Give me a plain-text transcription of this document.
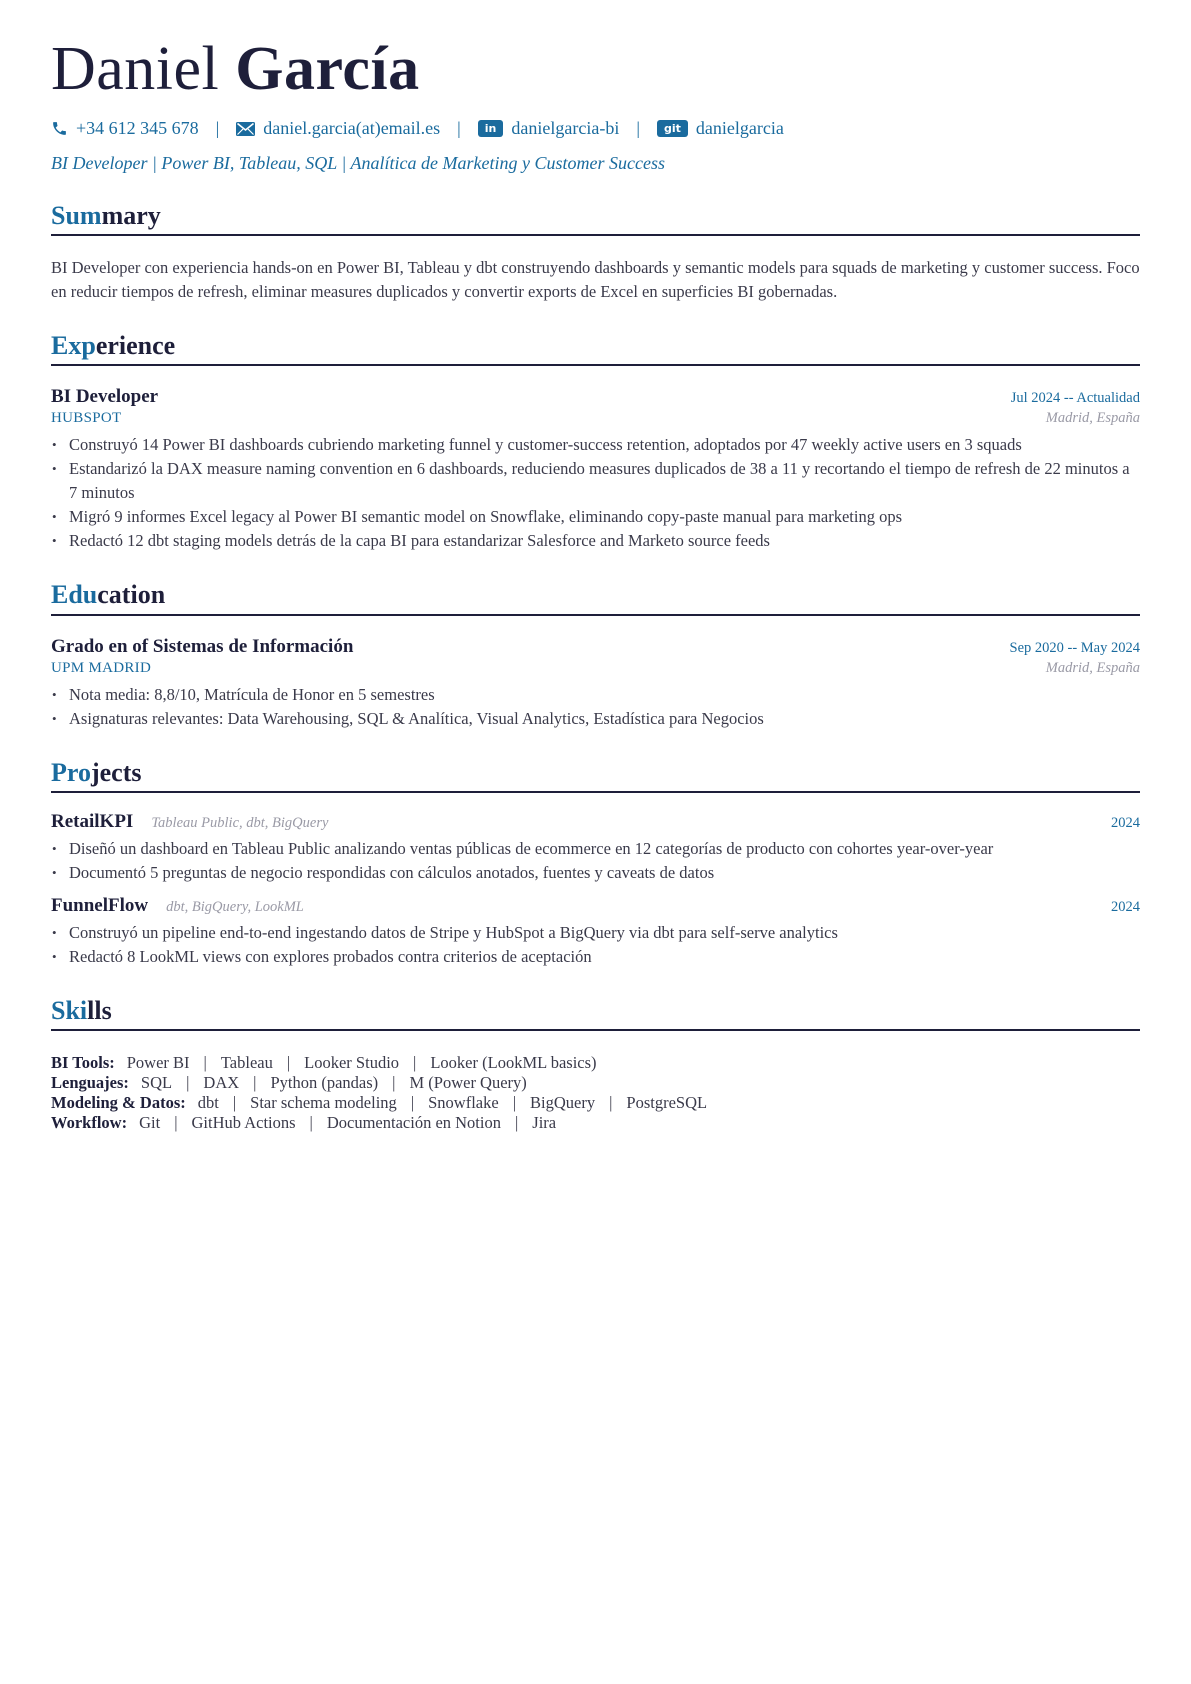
Daniel García
+34 612 345 678 | daniel.garcia(at)email.es |	in danielgarcia-bi |	git danielgarcia
BI Developer | Power BI, Tableau, SQL | Analítica de Marketing y Customer Success
Summary
BI Developer con experiencia hands-on en Power BI, Tableau y dbt construyendo dashboards y semantic models para squads de marketing y customer success. Foco en reducir tiempos de refresh, eliminar measures duplicados y convertir exports de Excel en superficies BI gobernadas.
Experience
BI Developer	Jul 2024 -- Actualidad
HUBSPOT	Madrid, España
• Construyó 14 Power BI dashboards cubriendo marketing funnel y customer-success retention, adoptados por 47 weekly active users en 3 squads
• Estandarizó la DAX measure naming convention en 6 dashboards, reduciendo measures duplicados de 38 a 11 y recortando el tiempo de refresh de 22 minutos a 7 minutos
• Migró 9 informes Excel legacy al Power BI semantic model on Snowflake, eliminando copy-paste manual para marketing ops
• Redactó 12 dbt staging models detrás de la capa BI para estandarizar Salesforce and Marketo source feeds
Education
Grado en of Sistemas de Información	Sep 2020 -- May 2024
UPM MADRID	Madrid, España
• Nota media: 8,8/10, Matrícula de Honor en 5 semestres
• Asignaturas relevantes: Data Warehousing, SQL & Analítica, Visual Analytics, Estadística para Negocios
Projects
RetailKPI Tableau Public, dbt, BigQuery	2024
• Diseñó un dashboard en Tableau Public analizando ventas públicas de ecommerce en 12 categorías de producto con cohortes year-over-year
• Documentó 5 preguntas de negocio respondidas con cálculos anotados, fuentes y caveats de datos
FunnelFlow dbt, BigQuery, LookML	2024
• Construyó un pipeline end-to-end ingestando datos de Stripe y HubSpot a BigQuery via dbt para self-serve analytics
• Redactó 8 LookML views con explores probados contra criterios de aceptación
Skills
BI Tools: Power BI | Tableau | Looker Studio | Looker (LookML basics)
Lenguajes: SQL | DAX | Python (pandas) | M (Power Query)
Modeling & Datos: dbt | Star schema modeling | Snowflake | BigQuery | PostgreSQL
Workflow: Git | GitHub Actions | Documentación en Notion | Jira
